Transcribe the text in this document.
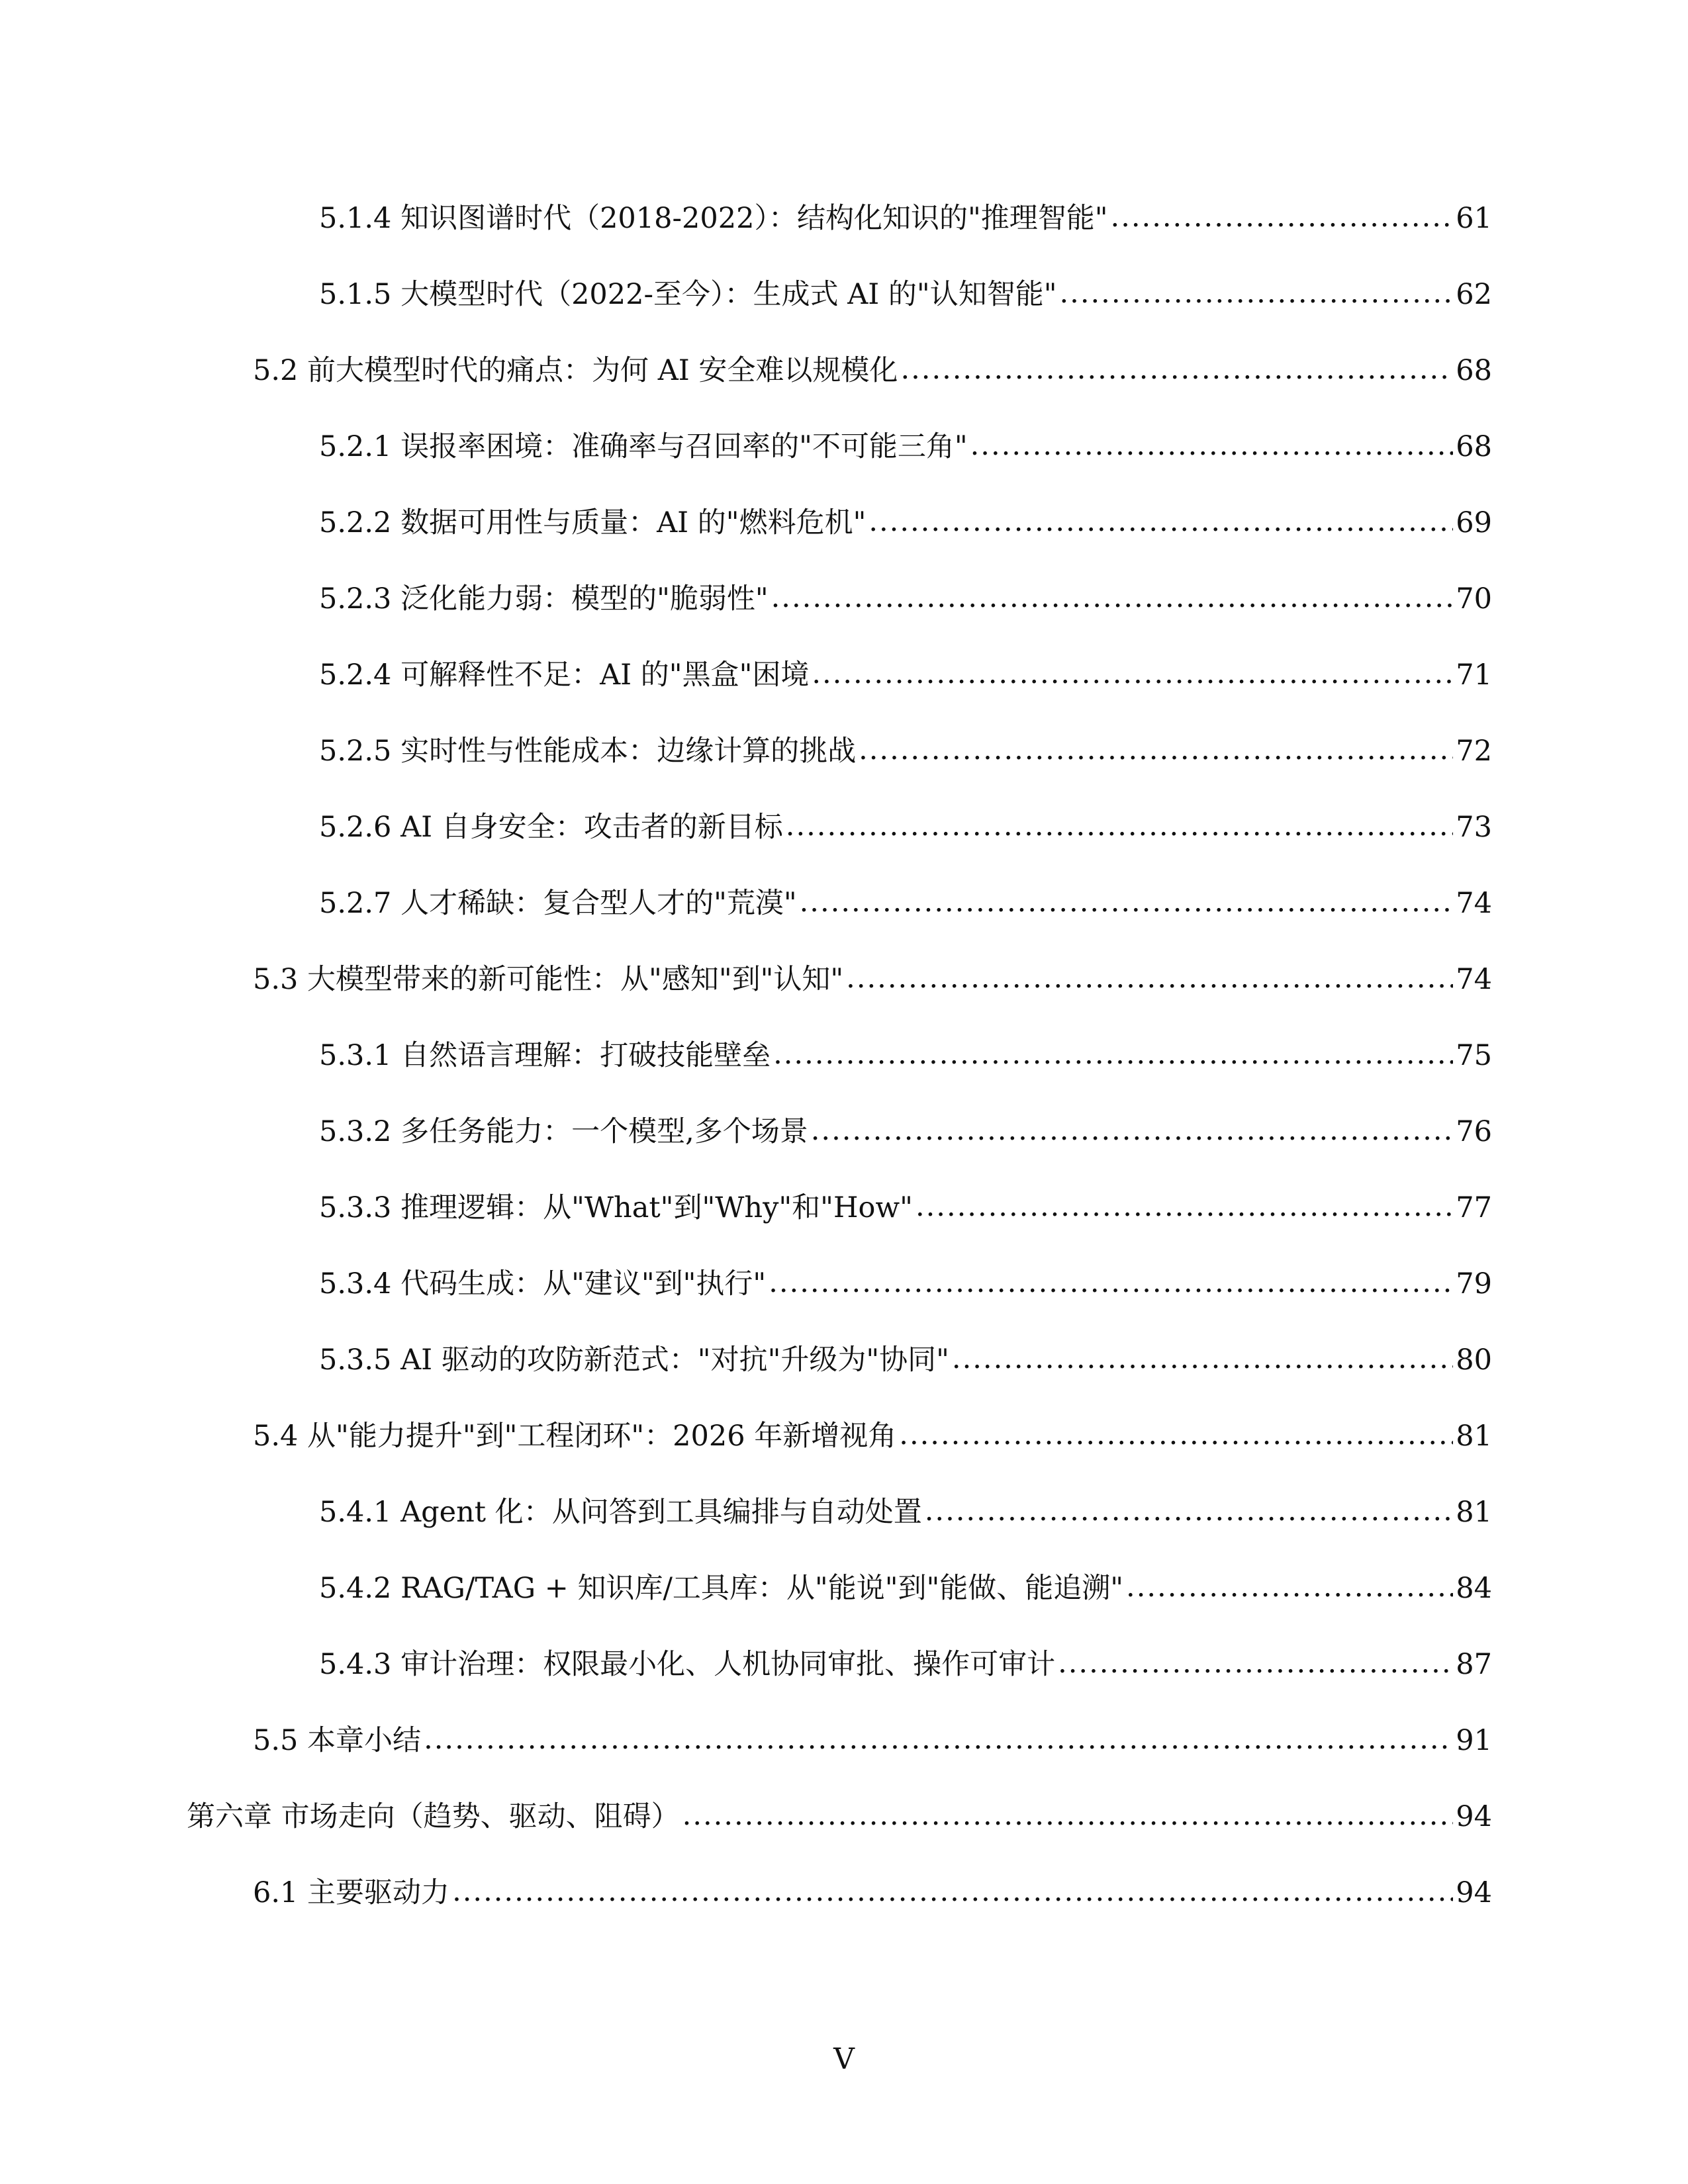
5.1.4 知识图谱时代（2018-2022）：结构化知识的"推理智能" .....	61
5.1.5 大模型时代（2022-至今）：生成式 AI 的"认知智能" .....	62
5.2 前大模型时代的痛点：为何 AI 安全难以规模化 .....	68
5.2.1 误报率困境：准确率与召回率的"不可能三角" .....	68
5.2.2 数据可用性与质量：AI 的"燃料危机" .....	69
5.2.3 泛化能力弱：模型的"脆弱性" .....	70
5.2.4 可解释性不足：AI 的"黑盒"困境 .....	71
5.2.5 实时性与性能成本：边缘计算的挑战 .....	72
5.2.6 AI 自身安全：攻击者的新目标 .....	73
5.2.7 人才稀缺：复合型人才的"荒漠" .....	74
5.3 大模型带来的新可能性：从"感知"到"认知" .....	74
5.3.1 自然语言理解：打破技能壁垒 .....	75
5.3.2 多任务能力：一个模型,多个场景 .....	76
5.3.3 推理逻辑：从"What"到"Why"和"How" .....	77
5.3.4 代码生成：从"建议"到"执行" .....	79
5.3.5 AI 驱动的攻防新范式："对抗"升级为"协同" .....	80
5.4 从"能力提升"到"工程闭环"：2026 年新增视角 .....	81
5.4.1 Agent 化：从问答到工具编排与自动处置 .....	81
5.4.2 RAG/TAG + 知识库/工具库：从"能说"到"能做、能追溯" .....	84
5.4.3 审计治理：权限最小化、人机协同审批、操作可审计 .....	87
5.5 本章小结 .....	91
第六章 市场走向（趋势、驱动、阻碍） .....	94
6.1 主要驱动力 .....	94
V
